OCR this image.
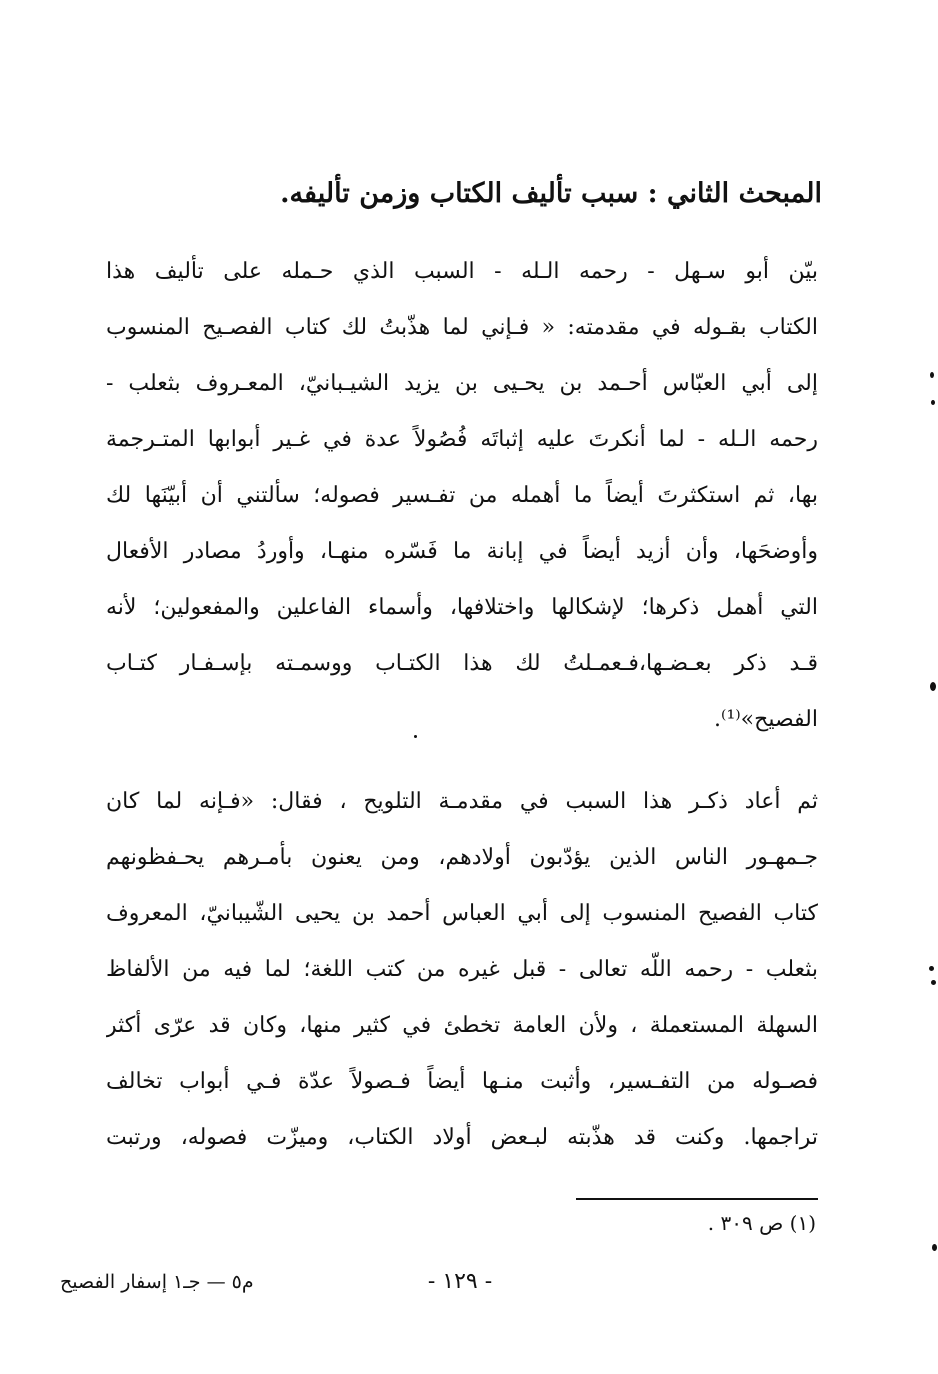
المبحث الثاني : سبب تأليف الكتاب وزمن تأليفه.
بيّن أبو سـهل - رحمه الـله - السبب الذي حـمله على تأليف هذا
الكتاب بقـوله في مقدمته: « فـإني لما هذّبتُ لك كتاب الفصـيح المنسوب
إلى أبي العبّاس أحـمد بن يحـيى بن يزيد الشيـبانيّ، المعـروف بثعلب -
رحمه الـله - لما أنكرتَ عليه إثباتَه فُصُولاً عدة في غـير أبوابها المتـرجمة
بها، ثم استكثرتَ أيضاً ما أهمله من تفـسير فصوله؛ سألتني أن أبيّنَها لك
وأوضحَها، وأن أزيد أيضاً في إبانة ما فَسّره منهـا، وأوردُ مصادر الأفعال
التي أهمل ذكرها؛ لإشكالها واختلافها، وأسماء الفاعلين والمفعولين؛ لأنه
قـد ذكر بعـضـها،فـعمـلتُ لك هذا الكتـاب ووسمـته بإسـفـار كتـاب
الفصيح»⁽¹⁾.
ثم أعاد ذكـر هذا السبب في مقدمـة التلويح ، فقال: «فـإنه لما كان
جـمهـور الناس الذين يؤدّبون أولادهم، ومن يعنون بأمـرهم يحـفظونهم
كتاب الفصيح المنسوب إلى أبي العباس أحمد بن يحيى الشّيبانيّ، المعروف
بثعلب - رحمه اللّه تعالى - قبل غيره من كتب اللغة؛ لما فيه من الألفاظ
السهلة المستعملة ، ولأن العامة تخطئ في كثير منها، وكان قد عرّى أكثر
فصـوله من التفـسير، وأثبت منـها أيضاً فـصولاً عدّة فـي أبواب تخالف
تراجمها. وكنت قد هذّبته لبـعض أولاد الكتاب، وميزّت فصوله، ورتبت
(١) ص ٣٠٩ .
م٥ — جـ١ إسفار الفصيح	- ١٢٩ -
